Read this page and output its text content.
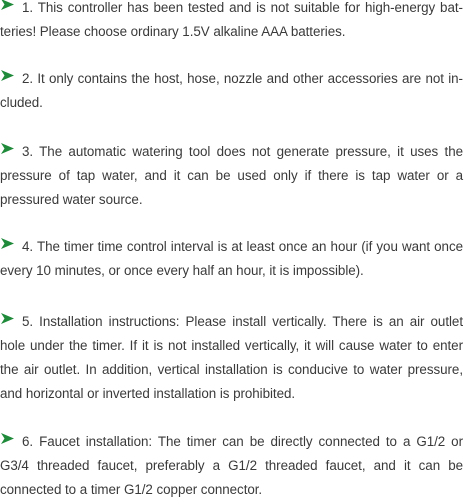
1. This controller has been tested and is not suitable for high-energy batteries! Please choose ordinary 1.5V alkaline AAA batteries.

2. It only contains the host, hose, nozzle and other accessories are not included.

3. The automatic watering tool does not generate pressure, it uses the pressure of tap water, and it can be used only if there is tap water or a pressured water source.

4. The timer time control interval is at least once an hour (if you want once every 10 minutes, or once every half an hour, it is impossible).

5. Installation instructions: Please install vertically. There is an air outlet hole under the timer. If it is not installed vertically, it will cause water to enter the air outlet. In addition, vertical installation is conducive to water pressure, and horizontal or inverted installation is prohibited.

6. Faucet installation: The timer can be directly connected to a G1/2 or G3/4 threaded faucet, preferably a G1/2 threaded faucet, and it can be connected to a timer G1/2 copper connector.
